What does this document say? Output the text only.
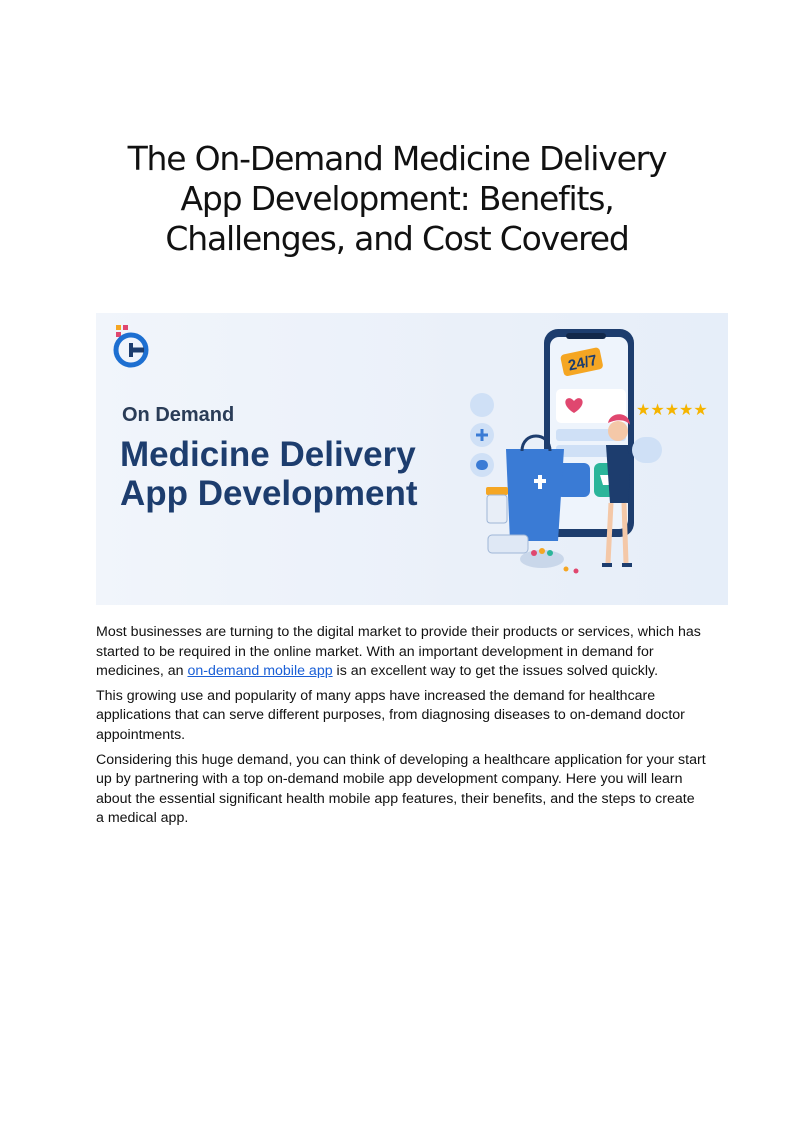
The On-Demand Medicine Delivery App Development: Benefits, Challenges, and Cost Covered
On Demand
Medicine Delivery
App Development
24/7
★★★★★

Most businesses are turning to the digital market to provide their products or services, which has started to be required in the online market. With an important development in demand for medicines, an on-demand mobile app is an excellent way to get the issues solved quickly.

This growing use and popularity of many apps have increased the demand for healthcare applications that can serve different purposes, from diagnosing diseases to on-demand doctor appointments.

Considering this huge demand, you can think of developing a healthcare application for your start up by partnering with a top on-demand mobile app development company. Here you will learn about the essential significant health mobile app features, their benefits, and the steps to create a medical app.
